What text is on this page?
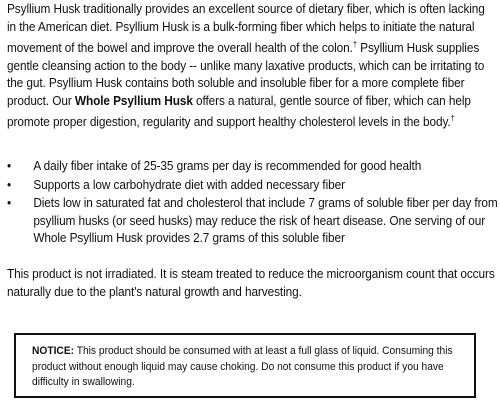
Psyllium Husk traditionally provides an excellent source of dietary fiber, which is often lacking in the American diet. Psyllium Husk is a bulk-forming fiber which helps to initiate the natural movement of the bowel and improve the overall health of the colon.† Psyllium Husk supplies gentle cleansing action to the body -- unlike many laxative products, which can be irritating to the gut. Psyllium Husk contains both soluble and insoluble fiber for a more complete fiber product. Our Whole Psyllium Husk offers a natural, gentle source of fiber, which can help promote proper digestion, regularity and support healthy cholesterol levels in the body.†
•	A daily fiber intake of 25-35 grams per day is recommended for good health
•	Supports a low carbohydrate diet with added necessary fiber
•	Diets low in saturated fat and cholesterol that include 7 grams of soluble fiber per day from psyllium husks (or seed husks) may reduce the risk of heart disease. One serving of our Whole Psyllium Husk provides 2.7 grams of this soluble fiber
This product is not irradiated. It is steam treated to reduce the microorganism count that occurs naturally due to the plant's natural growth and harvesting.
NOTICE: This product should be consumed with at least a full glass of liquid. Consuming this product without enough liquid may cause choking. Do not consume this product if you have difficulty in swallowing.
